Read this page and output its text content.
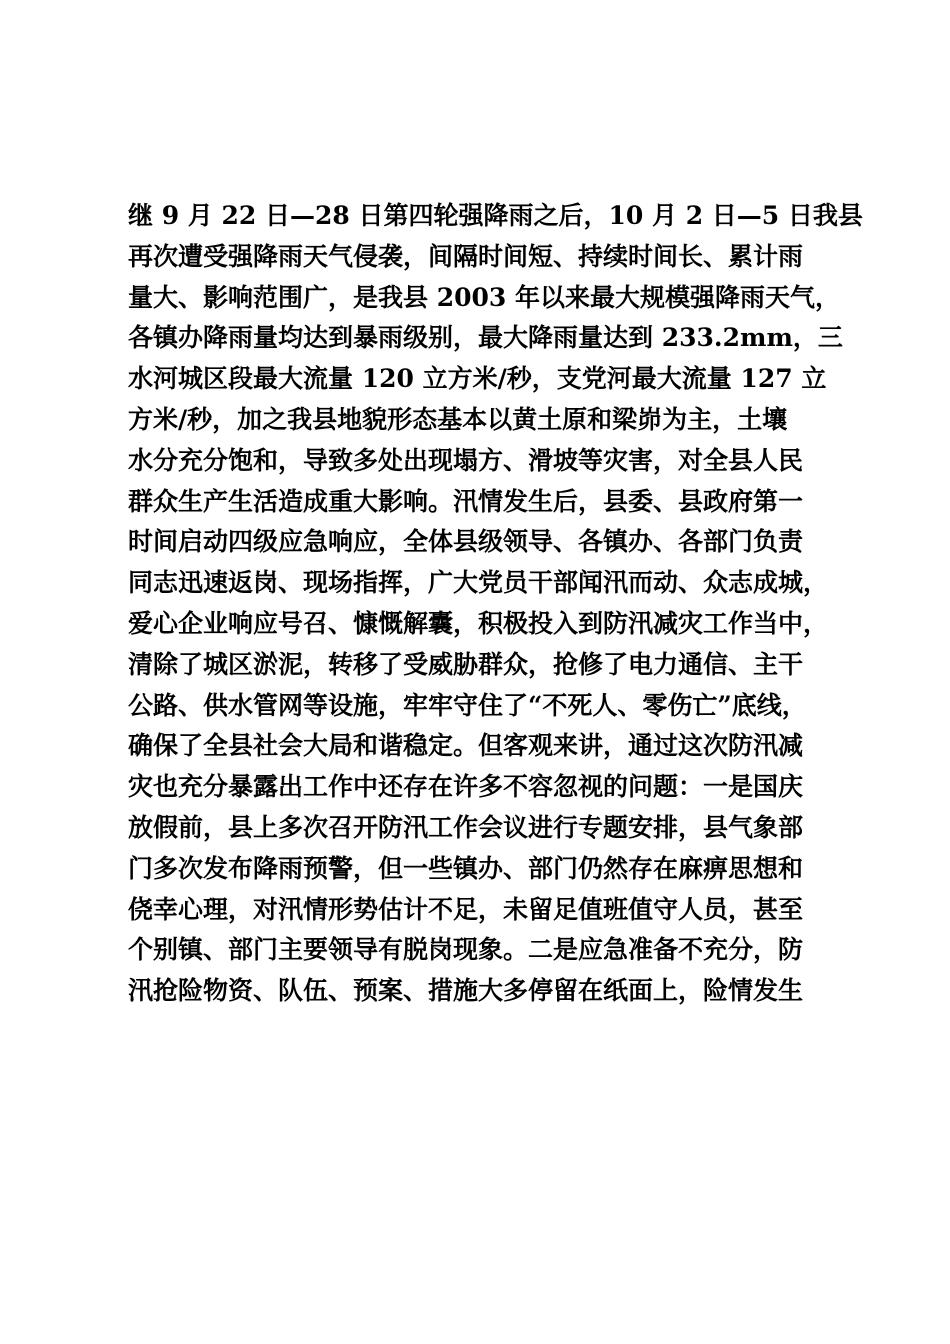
继 9 月 22 日—28 日第四轮强降雨之后，10 月 2 日—5 日我县
再次遭受强降雨天气侵袭，间隔时间短、持续时间长、累计雨
量大、影响范围广，是我县 2003 年以来最大规模强降雨天气，
各镇办降雨量均达到暴雨级别，最大降雨量达到 233.2mm，三
水河城区段最大流量 120 立方米/秒，支党河最大流量 127 立
方米/秒，加之我县地貌形态基本以黄土原和梁峁为主，土壤
水分充分饱和，导致多处出现塌方、滑坡等灾害，对全县人民
群众生产生活造成重大影响。汛情发生后，县委、县政府第一
时间启动四级应急响应，全体县级领导、各镇办、各部门负责
同志迅速返岗、现场指挥，广大党员干部闻汛而动、众志成城，
爱心企业响应号召、慷慨解囊，积极投入到防汛减灾工作当中，
清除了城区淤泥，转移了受威胁群众，抢修了电力通信、主干
公路、供水管网等设施，牢牢守住了“不死人、零伤亡”底线，
确保了全县社会大局和谐稳定。但客观来讲，通过这次防汛减
灾也充分暴露出工作中还存在许多不容忽视的问题：一是国庆
放假前，县上多次召开防汛工作会议进行专题安排，县气象部
门多次发布降雨预警，但一些镇办、部门仍然存在麻痹思想和
侥幸心理，对汛情形势估计不足，未留足值班值守人员，甚至
个别镇、部门主要领导有脱岗现象。二是应急准备不充分，防
汛抢险物资、队伍、预案、措施大多停留在纸面上，险情发生
